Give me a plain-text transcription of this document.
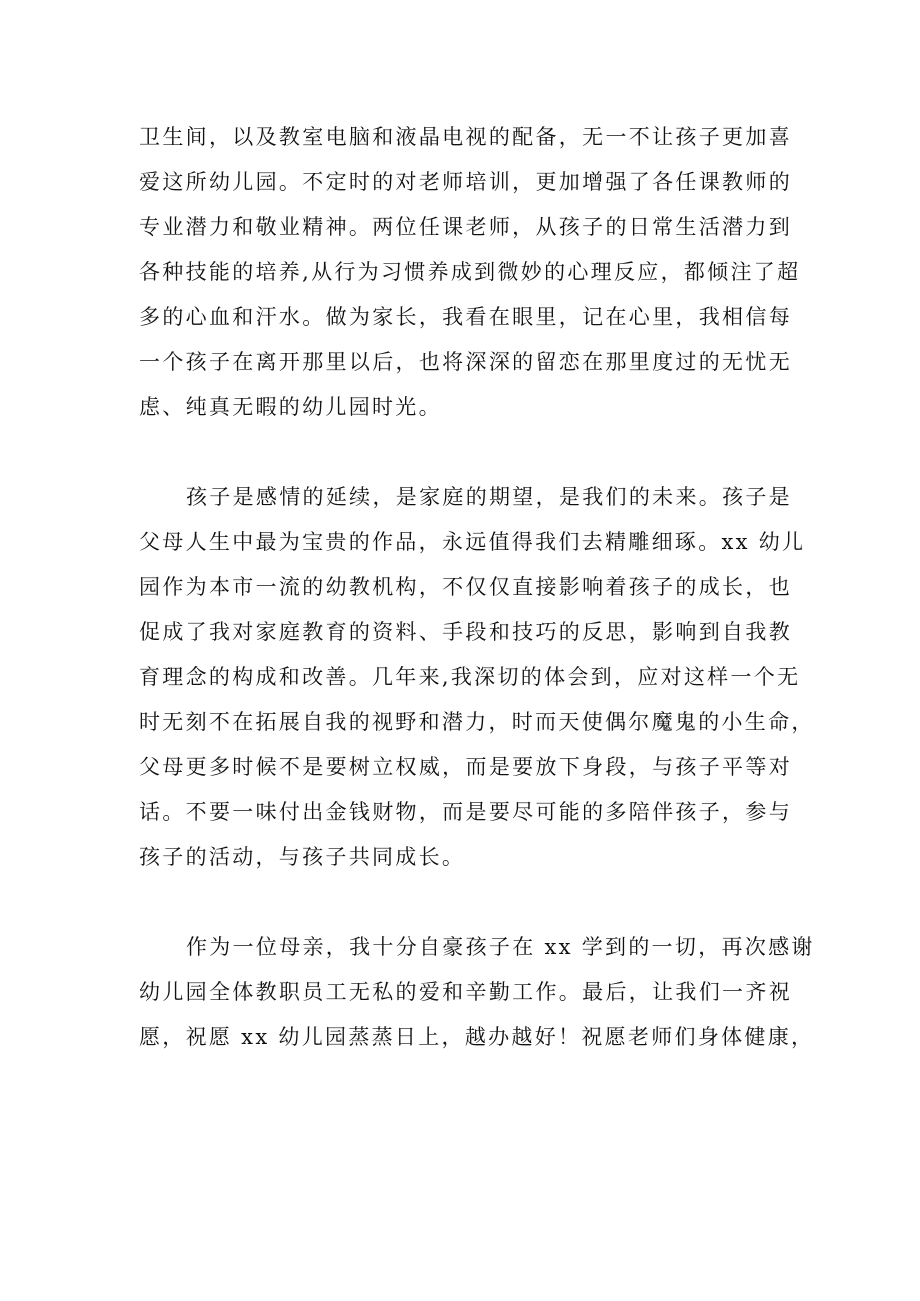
卫生间，以及教室电脑和液晶电视的配备，无一不让孩子更加喜
爱这所幼儿园。不定时的对老师培训，更加增强了各任课教师的
专业潜力和敬业精神。两位任课老师，从孩子的日常生活潜力到
各种技能的培养,从行为习惯养成到微妙的心理反应，都倾注了超
多的心血和汗水。做为家长，我看在眼里，记在心里，我相信每
一个孩子在离开那里以后，也将深深的留恋在那里度过的无忧无
虑、纯真无暇的幼儿园时光。
孩子是感情的延续，是家庭的期望，是我们的未来。孩子是
父母人生中最为宝贵的作品，永远值得我们去精雕细琢。xx 幼儿
园作为本市一流的幼教机构，不仅仅直接影响着孩子的成长，也
促成了我对家庭教育的资料、手段和技巧的反思，影响到自我教
育理念的构成和改善。几年来,我深切的体会到，应对这样一个无
时无刻不在拓展自我的视野和潜力，时而天使偶尔魔鬼的小生命，
父母更多时候不是要树立权威，而是要放下身段，与孩子平等对
话。不要一味付出金钱财物，而是要尽可能的多陪伴孩子，参与
孩子的活动，与孩子共同成长。
作为一位母亲，我十分自豪孩子在 xx 学到的一切，再次感谢
幼儿园全体教职员工无私的爱和辛勤工作。最后，让我们一齐祝
愿，祝愿 xx 幼儿园蒸蒸日上，越办越好！祝愿老师们身体健康，
